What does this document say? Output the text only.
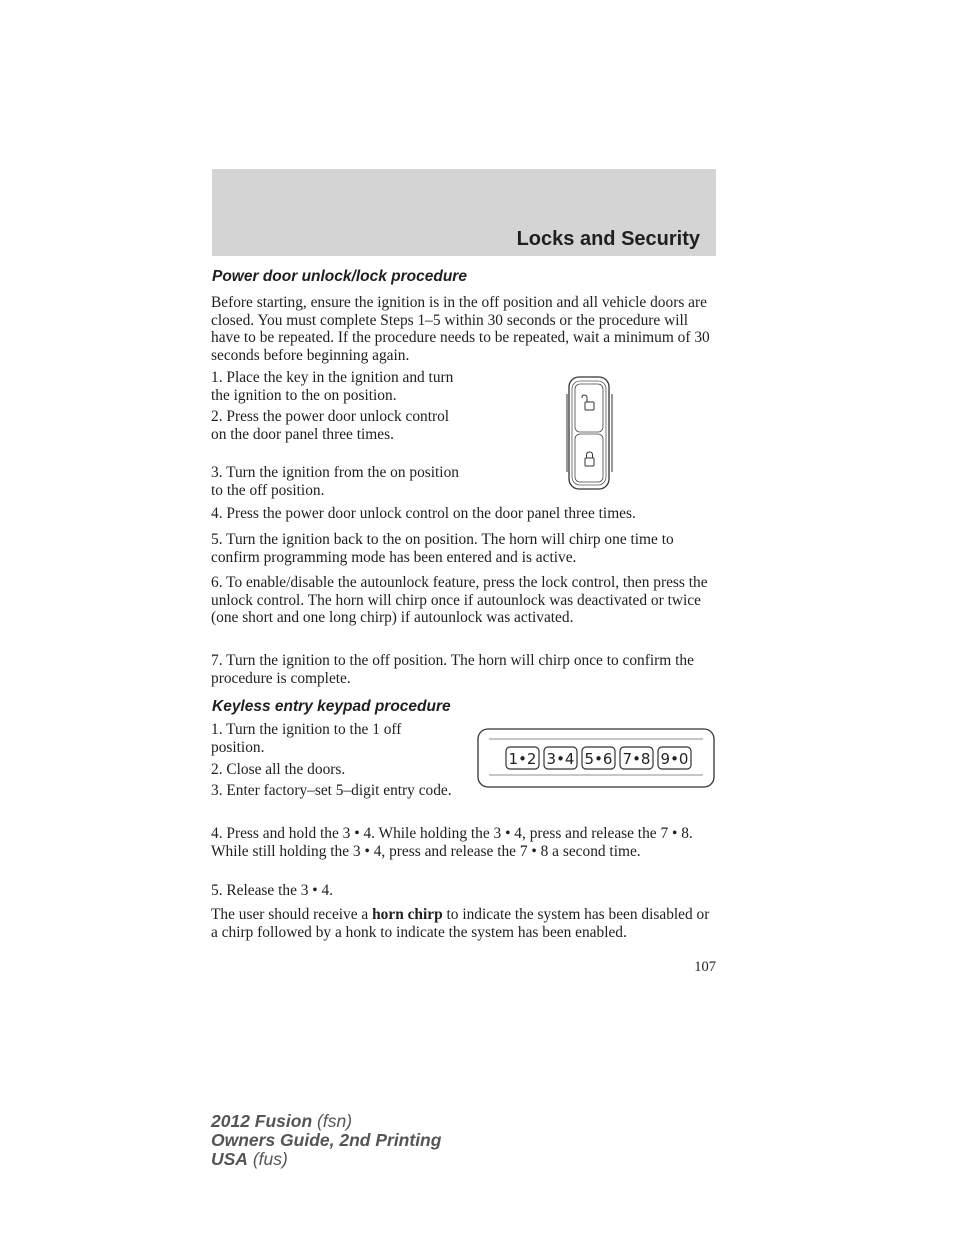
Locks and Security
Power door unlock/lock procedure

Before starting, ensure the ignition is in the off position and all vehicle doors are closed. You must complete Steps 1–5 within 30 seconds or the procedure will have to be repeated. If the procedure needs to be repeated, wait a minimum of 30 seconds before beginning again.

1. Place the key in the ignition and turn the ignition to the on position.

2. Press the power door unlock control on the door panel three times.

3. Turn the ignition from the on position to the off position.

4. Press the power door unlock control on the door panel three times.

5. Turn the ignition back to the on position. The horn will chirp one time to confirm programming mode has been entered and is active.

6. To enable/disable the autounlock feature, press the lock control, then press the unlock control. The horn will chirp once if autounlock was deactivated or twice (one short and one long chirp) if autounlock was activated.

7. Turn the ignition to the off position. The horn will chirp once to confirm the procedure is complete.

Keyless entry keypad procedure

1. Turn the ignition to the 1 off position.

2. Close all the doors.

3. Enter factory–set 5–digit entry code.

1•2 3•4 5•6 7•8 9•0

4. Press and hold the 3 • 4. While holding the 3 • 4, press and release the 7 • 8. While still holding the 3 • 4, press and release the 7 • 8 a second time.

5. Release the 3 • 4.

The user should receive a horn chirp to indicate the system has been disabled or a chirp followed by a honk to indicate the system has been enabled.

107
2012 Fusion (fsn)
Owners Guide, 2nd Printing
USA (fus)
